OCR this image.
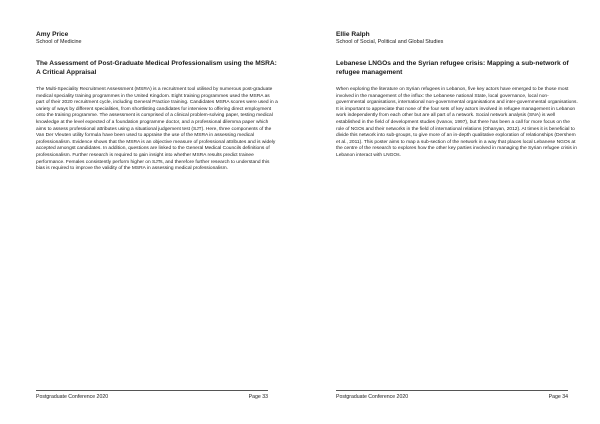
Amy Price

School of Medicine

The Assessment of Post-Graduate Medical Professionalism using the MSRA: A Critical Appraisal

The Multi-Speciality Recruitment Assessment (MSRA) is a recruitment tool utilised by numerous post-graduate medical speciality training programmes in the United Kingdom. Eight training programmes used the MSRA as part of their 2020 recruitment cycle, including General Practice training. Candidates MSRA scores were used in a variety of ways by different specialities, from shortlisting candidates for interview to offering direct employment onto the training programme. The assessment is comprised of a clinical problem-solving paper, testing medical knowledge at the level expected of a foundation programme doctor, and a professional dilemma paper which aims to assess professional attributes using a situational judgement test (SJT). Here, three components of the Van Der Vleuten utility formula have been used to appraise the use of the MSRA in assessing medical professionalism. Evidence shows that the MSRA is an objective measure of professional attributes and is widely accepted amongst candidates. In addition, questions are linked to the General Medical Councils definitions of professionalism. Further research is required to gain insight into whether MSRA results predict trainee performance. Females consistently perform higher on SJTs, and therefore further research to understand this bias is required to improve the validity of the MSRA in assessing medical professionalism.

Postgraduate Conference 2020	Page 33

Ellie Ralph

School of Social, Political and Global Studies

Lebanese LNGOs and the Syrian refugee crisis: Mapping a sub-network of refugee management

When exploring the literature on Syrian refugees in Lebanon, five key actors have emerged to be those most involved in the management of the influx: the Lebanese national State, local governance, local non-governmental organisations, international non-governmental organisations and inter-governmental organisations. It is important to appreciate that none of the four sets of key actors involved in refugee management in Lebanon work independently from each other but are all part of a network. Social network analysis (SNA) is well established in the field of development studies (Ivanov, 1997), but there has been a call for more focus on the role of NGOs and their networks in the field of international relations (Ohanyan, 2012). At times it is beneficial to divide this network into sub-groups, to give more of an in-depth qualitative exploration of relationships (Dershem et al., 2011). This poster aims to map a sub-section of the network in a way that places local Lebanese NGOs at the centre of the research to explores how the other key parties involved in managing the Syrian refugee crisis in Lebanon interact with LNGOs.

Postgraduate Conference 2020	Page 34
